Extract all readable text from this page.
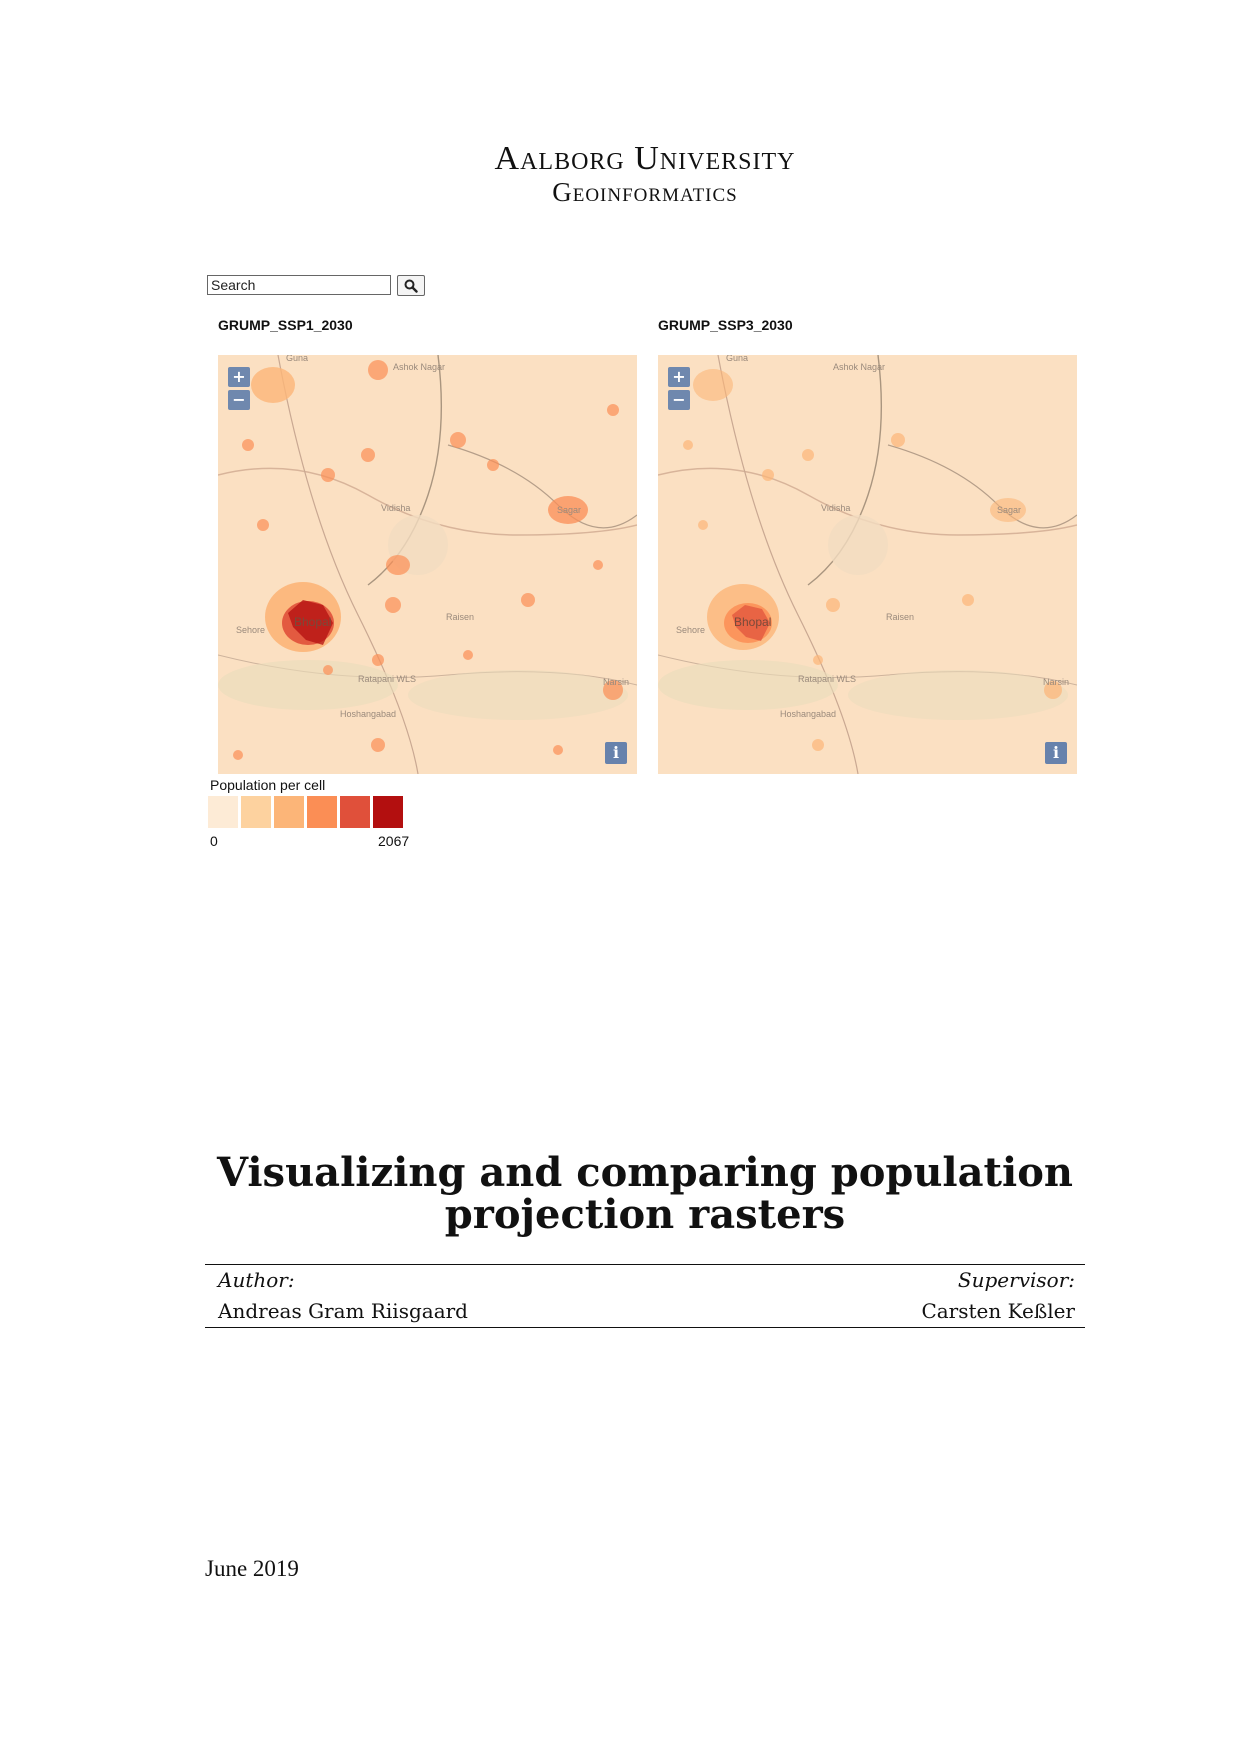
Aalborg University
Geoinformatics
Search
GRUMP_SSP1_2030
Guna
Ashok Nagar
Vidisha	Sagar
Bhopal
Sehore
Raisen
Hoshangabad
Ratapani WLS	Narsin
+
−
i
GRUMP_SSP3_2030
Guna
Ashok Nagar
Vidisha	Sagar
Bhopal
Sehore
Raisen
Hoshangabad
Ratapani WLS	Narsin
+
−
i
Population per cell
0	2067
Visualizing and comparing population
projection rasters
Author:	Supervisor:
Andreas Gram Riisgaard	Carsten Keßler
June 2019
